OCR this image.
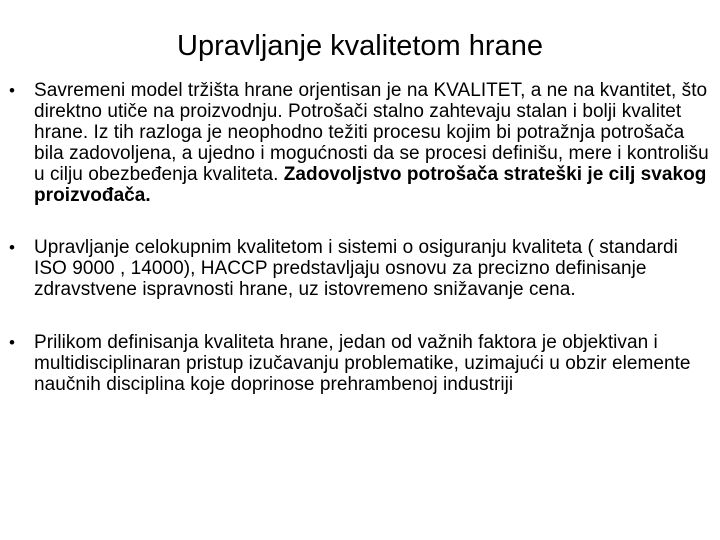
Upravljanje kvalitetom hrane
• Savremeni model tržišta hrane orjentisan je na KVALITET, a ne na kvantitet, što direktno utiče na proizvodnju. Potrošači stalno zahtevaju stalan i bolji kvalitet hrane. Iz tih razloga je neophodno težiti procesu kojim bi potražnja potrošača bila zadovoljena, a ujedno i mogućnosti da se procesi definišu, mere i kontrolišu u cilju obezbeđenja kvaliteta. Zadovoljstvo potrošača strateški je cilj svakog proizvođača.
• Upravljanje celokupnim kvalitetom i sistemi o osiguranju kvaliteta ( standardi ISO 9000 , 14000), HACCP predstavljaju osnovu za precizno definisanje zdravstvene ispravnosti hrane, uz istovremeno snižavanje cena.
• Prilikom definisanja kvaliteta hrane, jedan od važnih faktora je objektivan i multidisciplinaran pristup izučavanju problematike, uzimajući u obzir elemente naučnih disciplina koje doprinose prehrambenoj industriji
